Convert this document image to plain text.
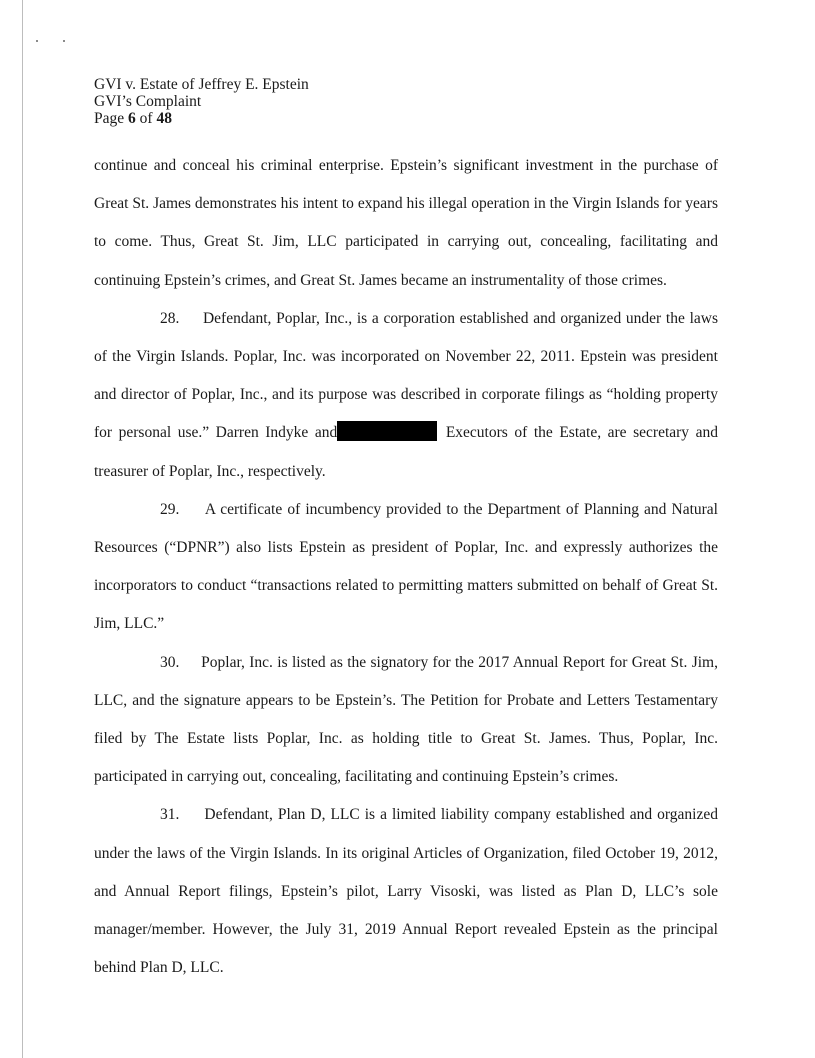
GVI v. Estate of Jeffrey E. Epstein
GVI’s Complaint
Page 6 of 48

continue and conceal his criminal enterprise. Epstein’s significant investment in the purchase of Great St. James demonstrates his intent to expand his illegal operation in the Virgin Islands for years to come. Thus, Great St. Jim, LLC participated in carrying out, concealing, facilitating and continuing Epstein’s crimes, and Great St. James became an instrumentality of those crimes.

28.     Defendant, Poplar, Inc., is a corporation established and organized under the laws of the Virgin Islands. Poplar, Inc. was incorporated on November 22, 2011. Epstein was president and director of Poplar, Inc., and its purpose was described in corporate filings as “holding property for personal use.” Darren Indyke and	Executors of the Estate, are secretary and treasurer of Poplar, Inc., respectively.

29.     A certificate of incumbency provided to the Department of Planning and Natural Resources (“DPNR”) also lists Epstein as president of Poplar, Inc. and expressly authorizes the incorporators to conduct “transactions related to permitting matters submitted on behalf of Great St. Jim, LLC.”

30.     Poplar, Inc. is listed as the signatory for the 2017 Annual Report for Great St. Jim, LLC, and the signature appears to be Epstein’s. The Petition for Probate and Letters Testamentary filed by The Estate lists Poplar, Inc. as holding title to Great St. James. Thus, Poplar, Inc. participated in carrying out, concealing, facilitating and continuing Epstein’s crimes.

31.     Defendant, Plan D, LLC is a limited liability company established and organized under the laws of the Virgin Islands. In its original Articles of Organization, filed October 19, 2012, and Annual Report filings, Epstein’s pilot, Larry Visoski, was listed as Plan D, LLC’s sole manager/member. However, the July 31, 2019 Annual Report revealed Epstein as the principal behind Plan D, LLC.
